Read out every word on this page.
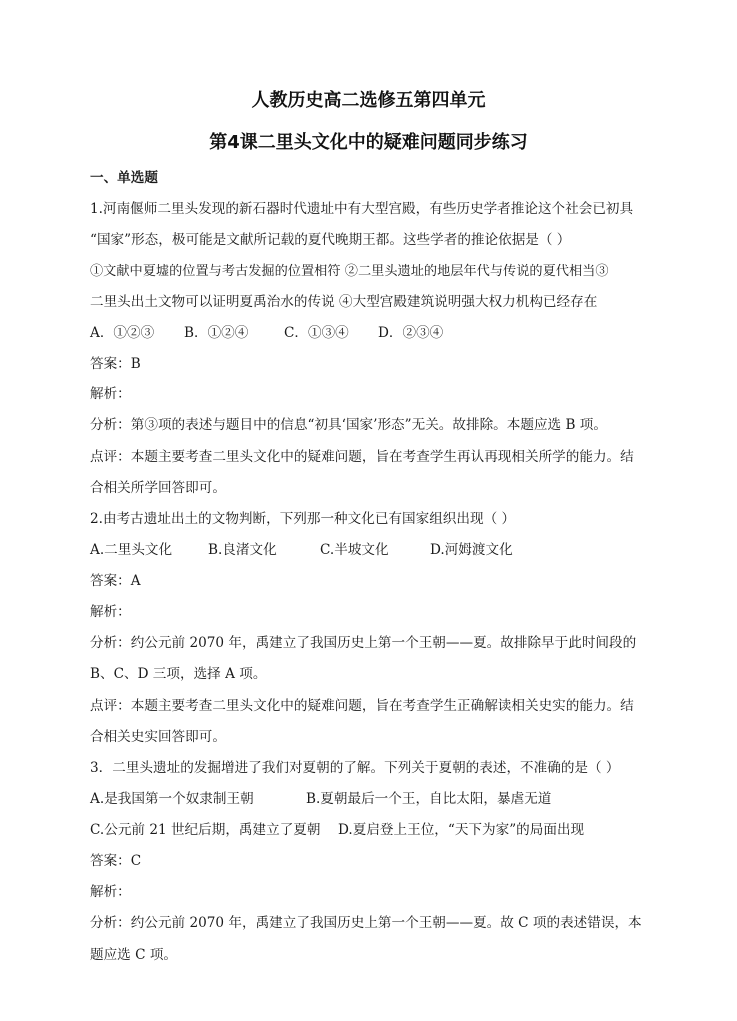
人教历史高二选修五第四单元
第4课二里头文化中的疑难问题同步练习
一、单选题
1.河南偃师二里头发现的新石器时代遗址中有大型宫殿，有些历史学者推论这个社会已初具
“国家”形态，极可能是文献所记载的夏代晚期王都。这些学者的推论依据是（ ）
①文献中夏墟的位置与考古发掘的位置相符 ②二里头遗址的地层年代与传说的夏代相当③
二里头出土文物可以证明夏禹治水的传说 ④大型宫殿建筑说明强大权力机构已经存在
A．①②③ B．①②④	C．①③④ D．②③④
答案：B
解析：
分析：第③项的表述与题目中的信息“初具‘国家’形态”无关。故排除。本题应选 B 项。
点评：本题主要考查二里头文化中的疑难问题，旨在考查学生再认再现相关所学的能力。结
合相关所学回答即可。
2.由考古遗址出土的文物判断，下列那一种文化已有国家组织出现（ ）
A.二里头文化	B.良渚文化	C.半坡文化	D.河姆渡文化
答案：A
解析：
分析：约公元前 2070 年，禹建立了我国历史上第一个王朝——夏。故排除早于此时间段的
B、C、D 三项，选择 A 项。
点评：本题主要考查二里头文化中的疑难问题，旨在考查学生正确解读相关史实的能力。结
合相关史实回答即可。
3．二里头遗址的发掘增进了我们对夏朝的了解。下列关于夏朝的表述，不准确的是（ ）
A.是我国第一个奴隶制王朝	B.夏朝最后一个王，自比太阳，暴虐无道
C.公元前 21 世纪后期，禹建立了夏朝 D.夏启登上王位，“天下为家”的局面出现
答案：C
解析：
分析：约公元前 2070 年，禹建立了我国历史上第一个王朝——夏。故 C 项的表述错误，本
题应选 C 项。
